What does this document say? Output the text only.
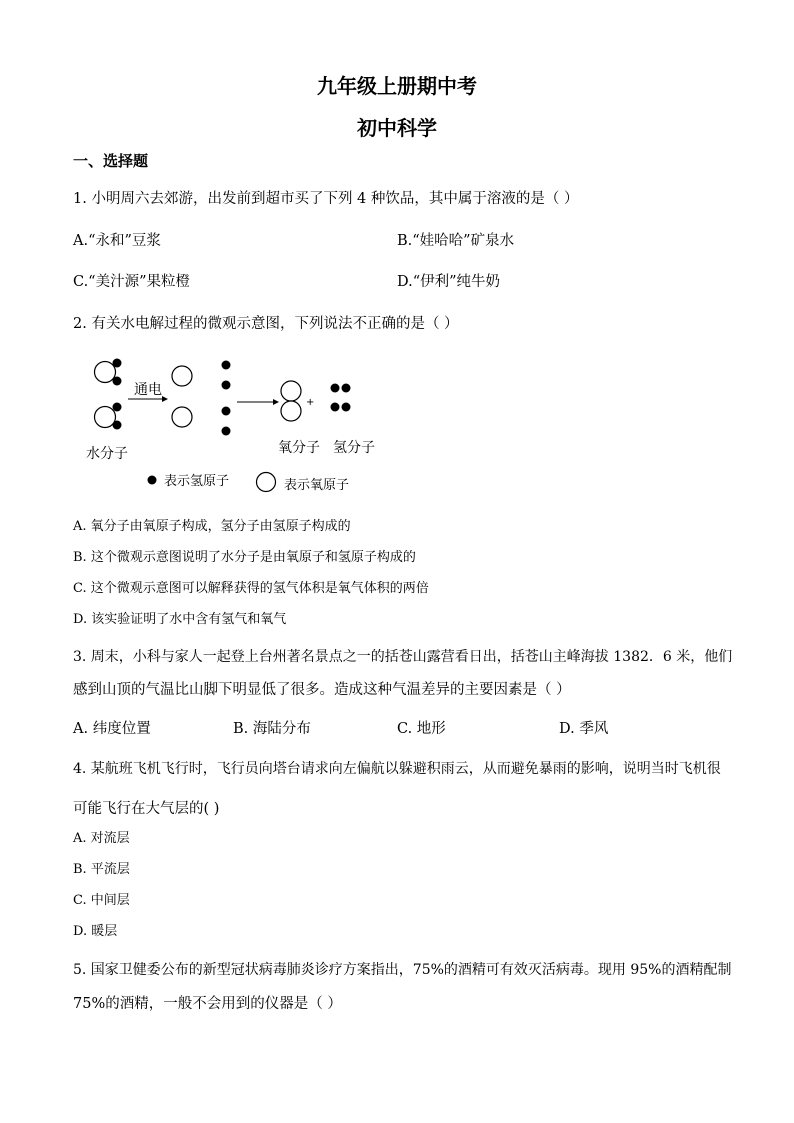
九年级上册期中考
初中科学
一、选择题
1. 小明周六去郊游，出发前到超市买了下列 4 种饮品，其中属于溶液的是（ ）
A.“永和”豆浆	B.“娃哈哈”矿泉水
C.“美汁源”果粒橙	D.“伊利”纯牛奶
2. 有关水电解过程的微观示意图，下列说法不正确的是（ ）
通电
+
水分子	氧分子 氢分子
表示氢原子	表示氧原子
A. 氧分子由氧原子构成，氢分子由氢原子构成的
B. 这个微观示意图说明了水分子是由氧原子和氢原子构成的
C. 这个微观示意图可以解释获得的氢气体积是氧气体积的两倍
D. 该实验证明了水中含有氢气和氧气
3. 周末，小科与家人一起登上台州著名景点之一的括苍山露营看日出，括苍山主峰海拔 1382．6 米，他们
感到山顶的气温比山脚下明显低了很多。造成这种气温差异的主要因素是（ ）
A. 纬度位置	B. 海陆分布	C. 地形	D. 季风
4. 某航班飞机飞行时，飞行员向塔台请求向左偏航以躲避积雨云，从而避免暴雨的影响，说明当时飞机很
可能飞行在大气层的( )
A. 对流层
B. 平流层
C. 中间层
D. 暖层
5. 国家卫健委公布的新型冠状病毒肺炎诊疗方案指出，75%的酒精可有效灭活病毒。现用 95%的酒精配制
75%的酒精，一般不会用到的仪器是（ ）
